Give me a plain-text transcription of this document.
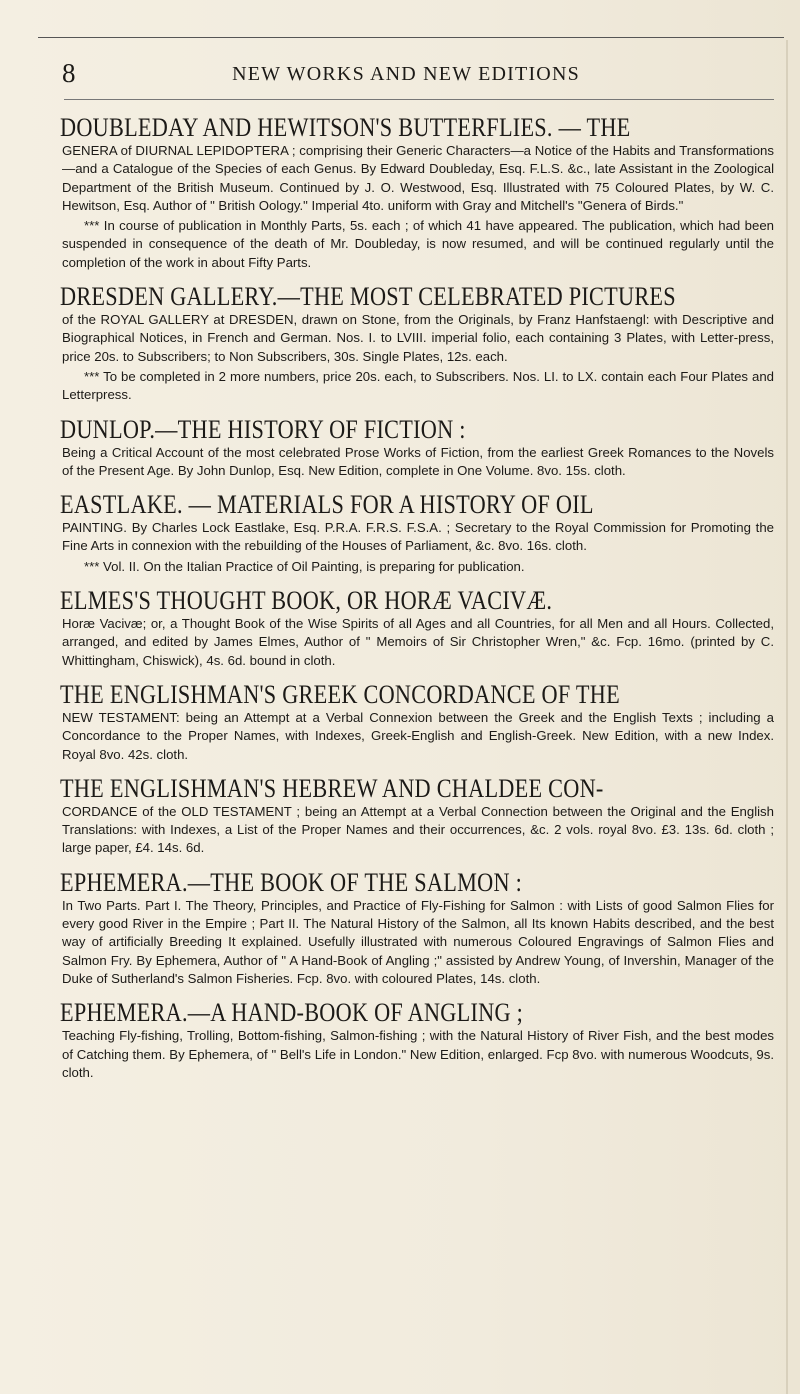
8	NEW WORKS AND NEW EDITIONS
DOUBLEDAY AND HEWITSON'S BUTTERFLIES. — THE
GENERA of DIURNAL LEPIDOPTERA ; comprising their Generic Characters—a Notice of the Habits and Transformations—and a Catalogue of the Species of each Genus. By Edward Doubleday, Esq. F.L.S. &c., late Assistant in the Zoological Department of the British Museum. Continued by J. O. Westwood, Esq. Illustrated with 75 Coloured Plates, by W. C. Hewitson, Esq. Author of " British Oology." Imperial 4to. uniform with Gray and Mitchell's "Genera of Birds."
*** In course of publication in Monthly Parts, 5s. each ; of which 41 have appeared. The publication, which had been suspended in consequence of the death of Mr. Doubleday, is now resumed, and will be continued regularly until the completion of the work in about Fifty Parts.
DRESDEN GALLERY.—THE MOST CELEBRATED PICTURES
of the ROYAL GALLERY at DRESDEN, drawn on Stone, from the Originals, by Franz Hanfstaengl: with Descriptive and Biographical Notices, in French and German. Nos. I. to LVIII. imperial folio, each containing 3 Plates, with Letter-press, price 20s. to Subscribers; to Non Subscribers, 30s. Single Plates, 12s. each.
*** To be completed in 2 more numbers, price 20s. each, to Subscribers. Nos. LI. to LX. contain each Four Plates and Letterpress.
DUNLOP.—THE HISTORY OF FICTION :
Being a Critical Account of the most celebrated Prose Works of Fiction, from the earliest Greek Romances to the Novels of the Present Age. By John Dunlop, Esq. New Edition, complete in One Volume. 8vo. 15s. cloth.
EASTLAKE. — MATERIALS FOR A HISTORY OF OIL
PAINTING. By Charles Lock Eastlake, Esq. P.R.A. F.R.S. F.S.A. ; Secretary to the Royal Commission for Promoting the Fine Arts in connexion with the rebuilding of the Houses of Parliament, &c. 8vo. 16s. cloth.
*** Vol. II. On the Italian Practice of Oil Painting, is preparing for publication.
ELMES'S THOUGHT BOOK, OR HORÆ VACIVÆ.
Horæ Vacivæ; or, a Thought Book of the Wise Spirits of all Ages and all Countries, for all Men and all Hours. Collected, arranged, and edited by James Elmes, Author of " Memoirs of Sir Christopher Wren," &c. Fcp. 16mo. (printed by C. Whittingham, Chiswick), 4s. 6d. bound in cloth.
THE ENGLISHMAN'S GREEK CONCORDANCE OF THE
NEW TESTAMENT: being an Attempt at a Verbal Connexion between the Greek and the English Texts ; including a Concordance to the Proper Names, with Indexes, Greek-English and English-Greek. New Edition, with a new Index. Royal 8vo. 42s. cloth.
THE ENGLISHMAN'S HEBREW AND CHALDEE CON-
CORDANCE of the OLD TESTAMENT ; being an Attempt at a Verbal Connection between the Original and the English Translations: with Indexes, a List of the Proper Names and their occurrences, &c. 2 vols. royal 8vo. £3. 13s. 6d. cloth ; large paper, £4. 14s. 6d.
EPHEMERA.—THE BOOK OF THE SALMON :
In Two Parts. Part I. The Theory, Principles, and Practice of Fly-Fishing for Salmon : with Lists of good Salmon Flies for every good River in the Empire ; Part II. The Natural History of the Salmon, all Its known Habits described, and the best way of artificially Breeding It explained. Usefully illustrated with numerous Coloured Engravings of Salmon Flies and Salmon Fry. By Ephemera, Author of " A Hand-Book of Angling ;" assisted by Andrew Young, of Invershin, Manager of the Duke of Sutherland's Salmon Fisheries. Fcp. 8vo. with coloured Plates, 14s. cloth.
EPHEMERA.—A HAND-BOOK OF ANGLING ;
Teaching Fly-fishing, Trolling, Bottom-fishing, Salmon-fishing ; with the Natural History of River Fish, and the best modes of Catching them. By Ephemera, of " Bell's Life in London." New Edition, enlarged. Fcp 8vo. with numerous Woodcuts, 9s. cloth.
